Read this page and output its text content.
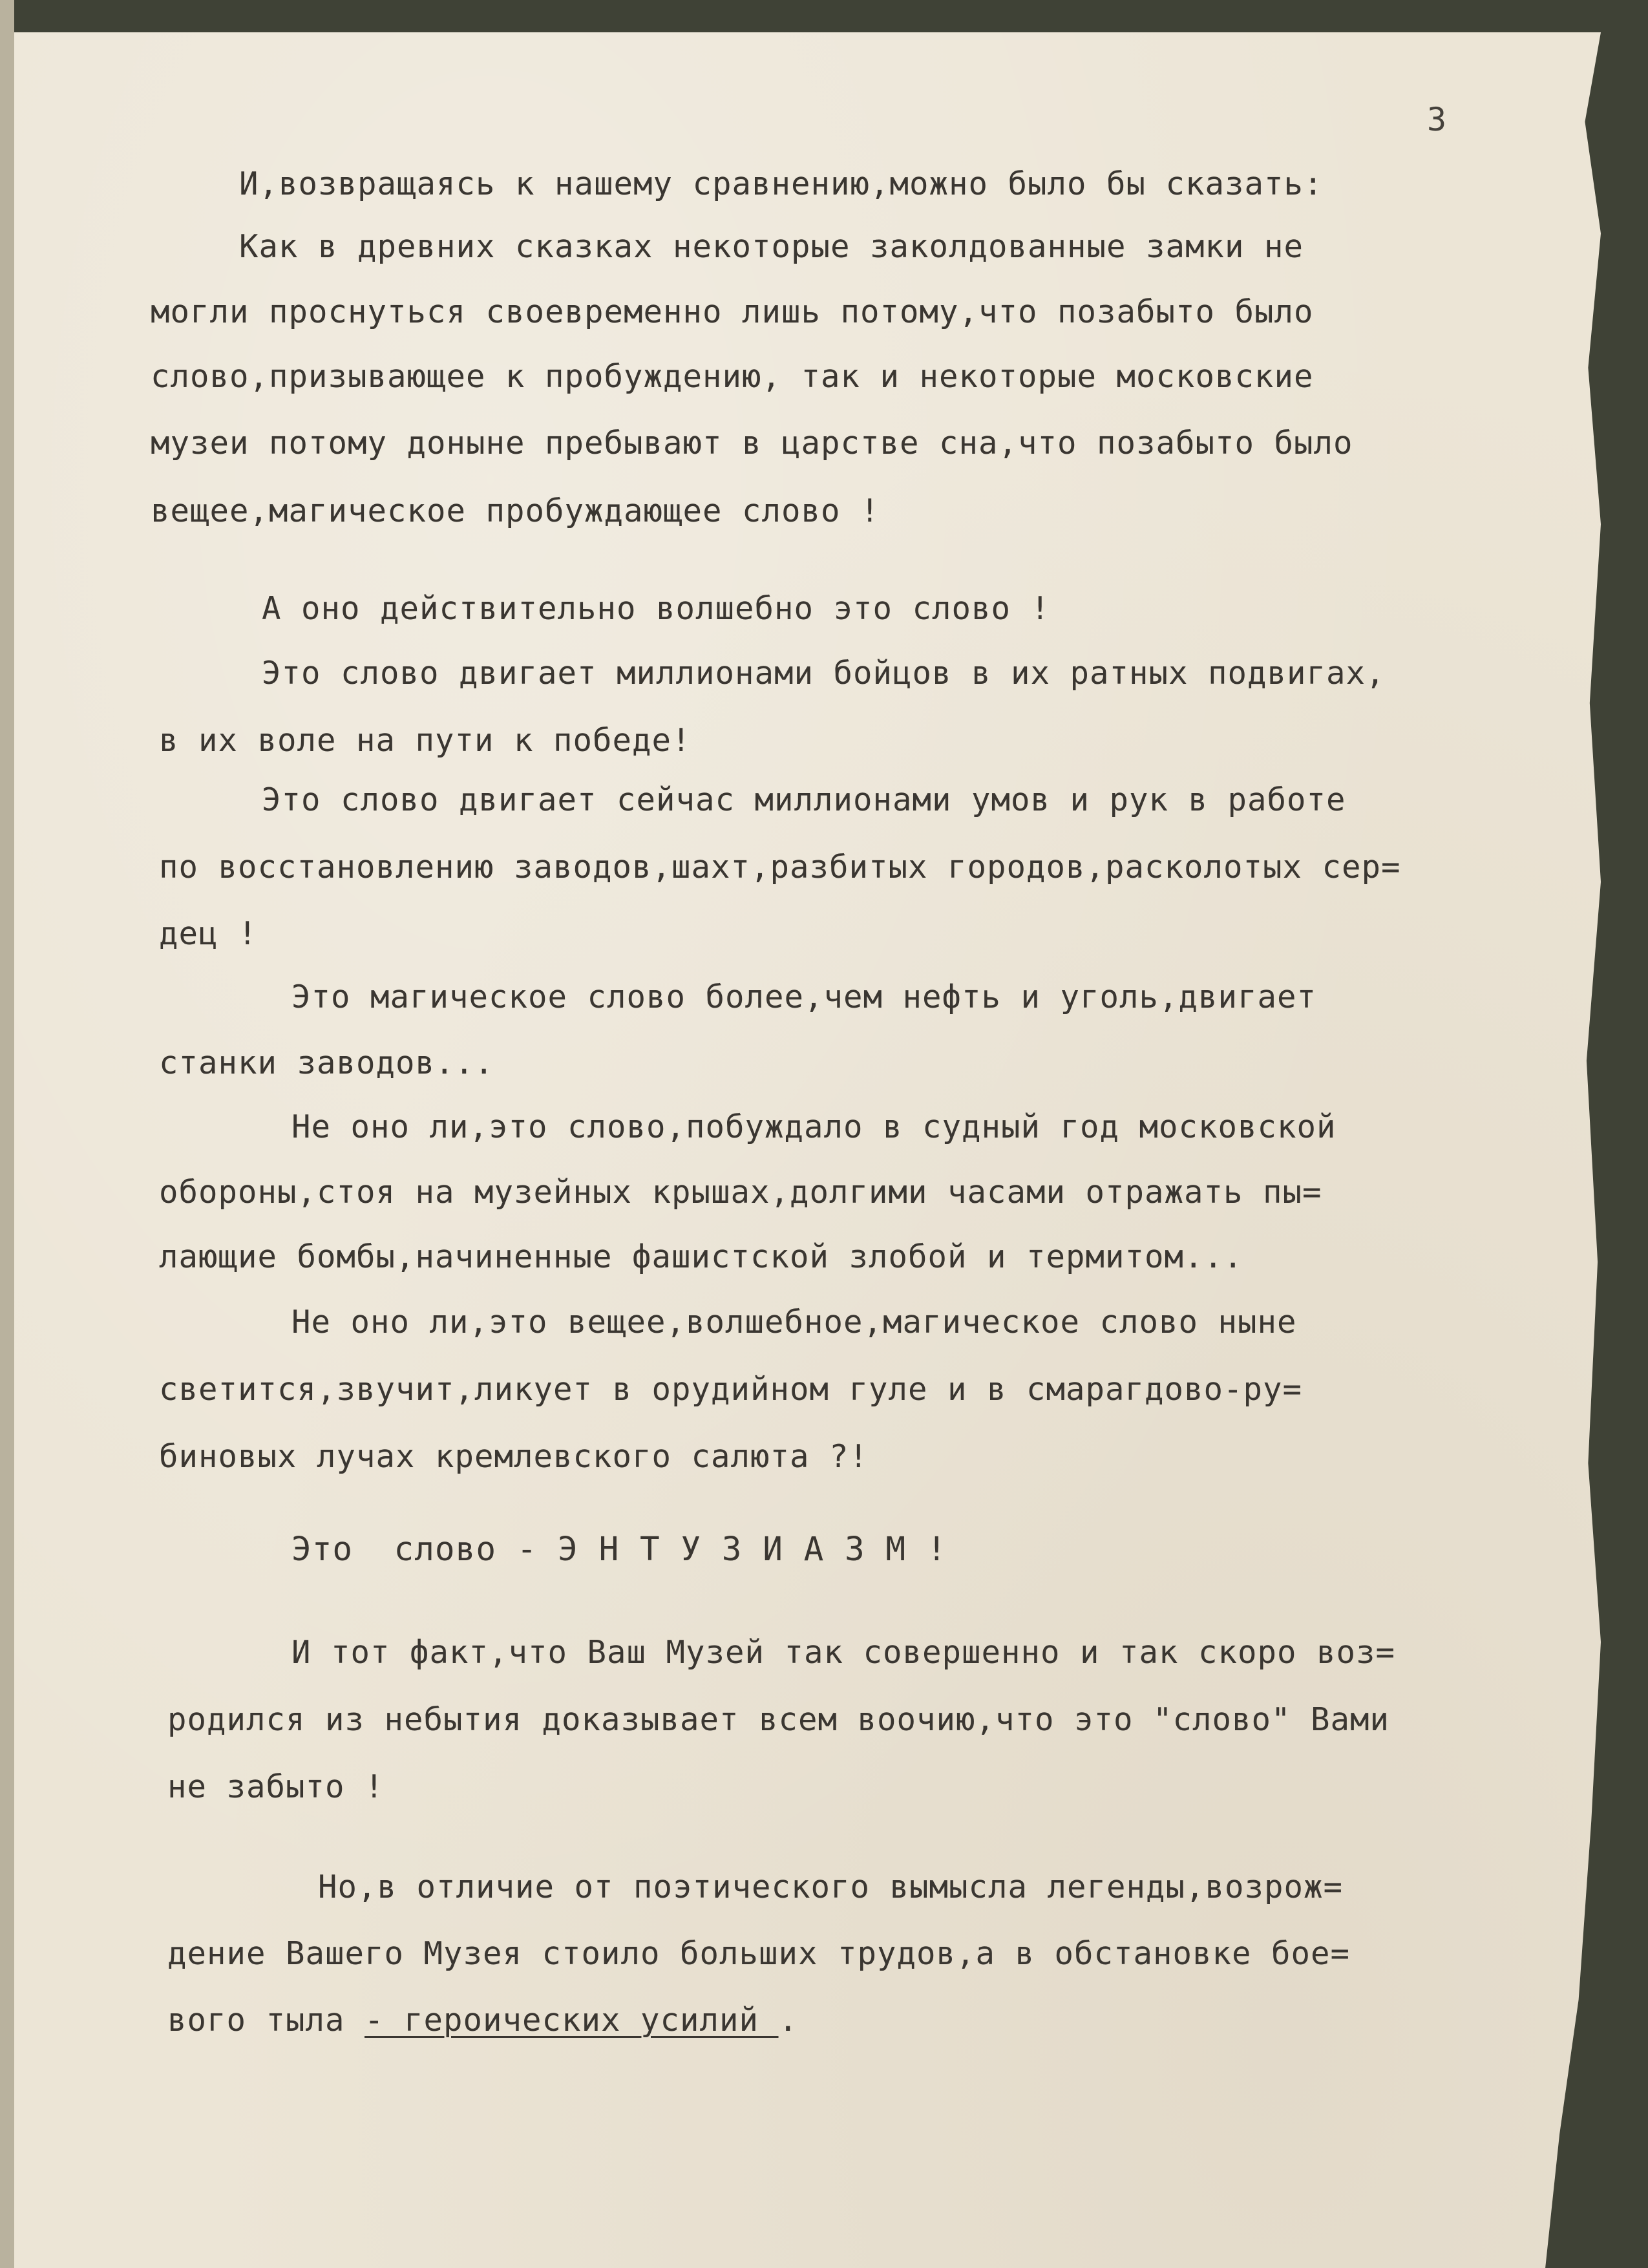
3
И,возвращаясь к нашему сравнению,можно было бы сказать:
Как в древних сказках некоторые заколдованные замки не
могли проснуться своевременно лишь потому,что позабыто было
слово,призывающее к пробуждению, так и некоторые московские
музеи потому доныне пребывают в царстве сна,что позабыто было
вещее,магическое пробуждающее слово !
А оно действительно волшебно это слово !
Это слово двигает миллионами бойцов в их ратных подвигах,
в их воле на пути к победе!
Это слово двигает сейчас миллионами умов и рук в работе
по восстановлению заводов,шахт,разбитых городов,расколотых сер=
дец !
Это магическое слово более,чем нефть и уголь,двигает
станки заводов...
Не оно ли,это слово,побуждало в судный год московской
обороны,стоя на музейных крышах,долгими часами отражать пы=
лающие бомбы,начиненные фашистской злобой и термитом...
Не оно ли,это вещее,волшебное,магическое слово ныне
светится,звучит,ликует в орудийном гуле и в смарагдово-ру=
биновых лучах кремлевского салюта ?!
Это  слово - Э Н Т У З И А З М !
И тот факт,что Ваш Музей так совершенно и так скоро воз=
родился из небытия доказывает всем воочию,что это "слово" Вами
не забыто !
Но,в отличие от поэтического вымысла легенды,возрож=
дение Вашего Музея стоило больших трудов,а в обстановке бое=
вого тыла - героических усилий .
